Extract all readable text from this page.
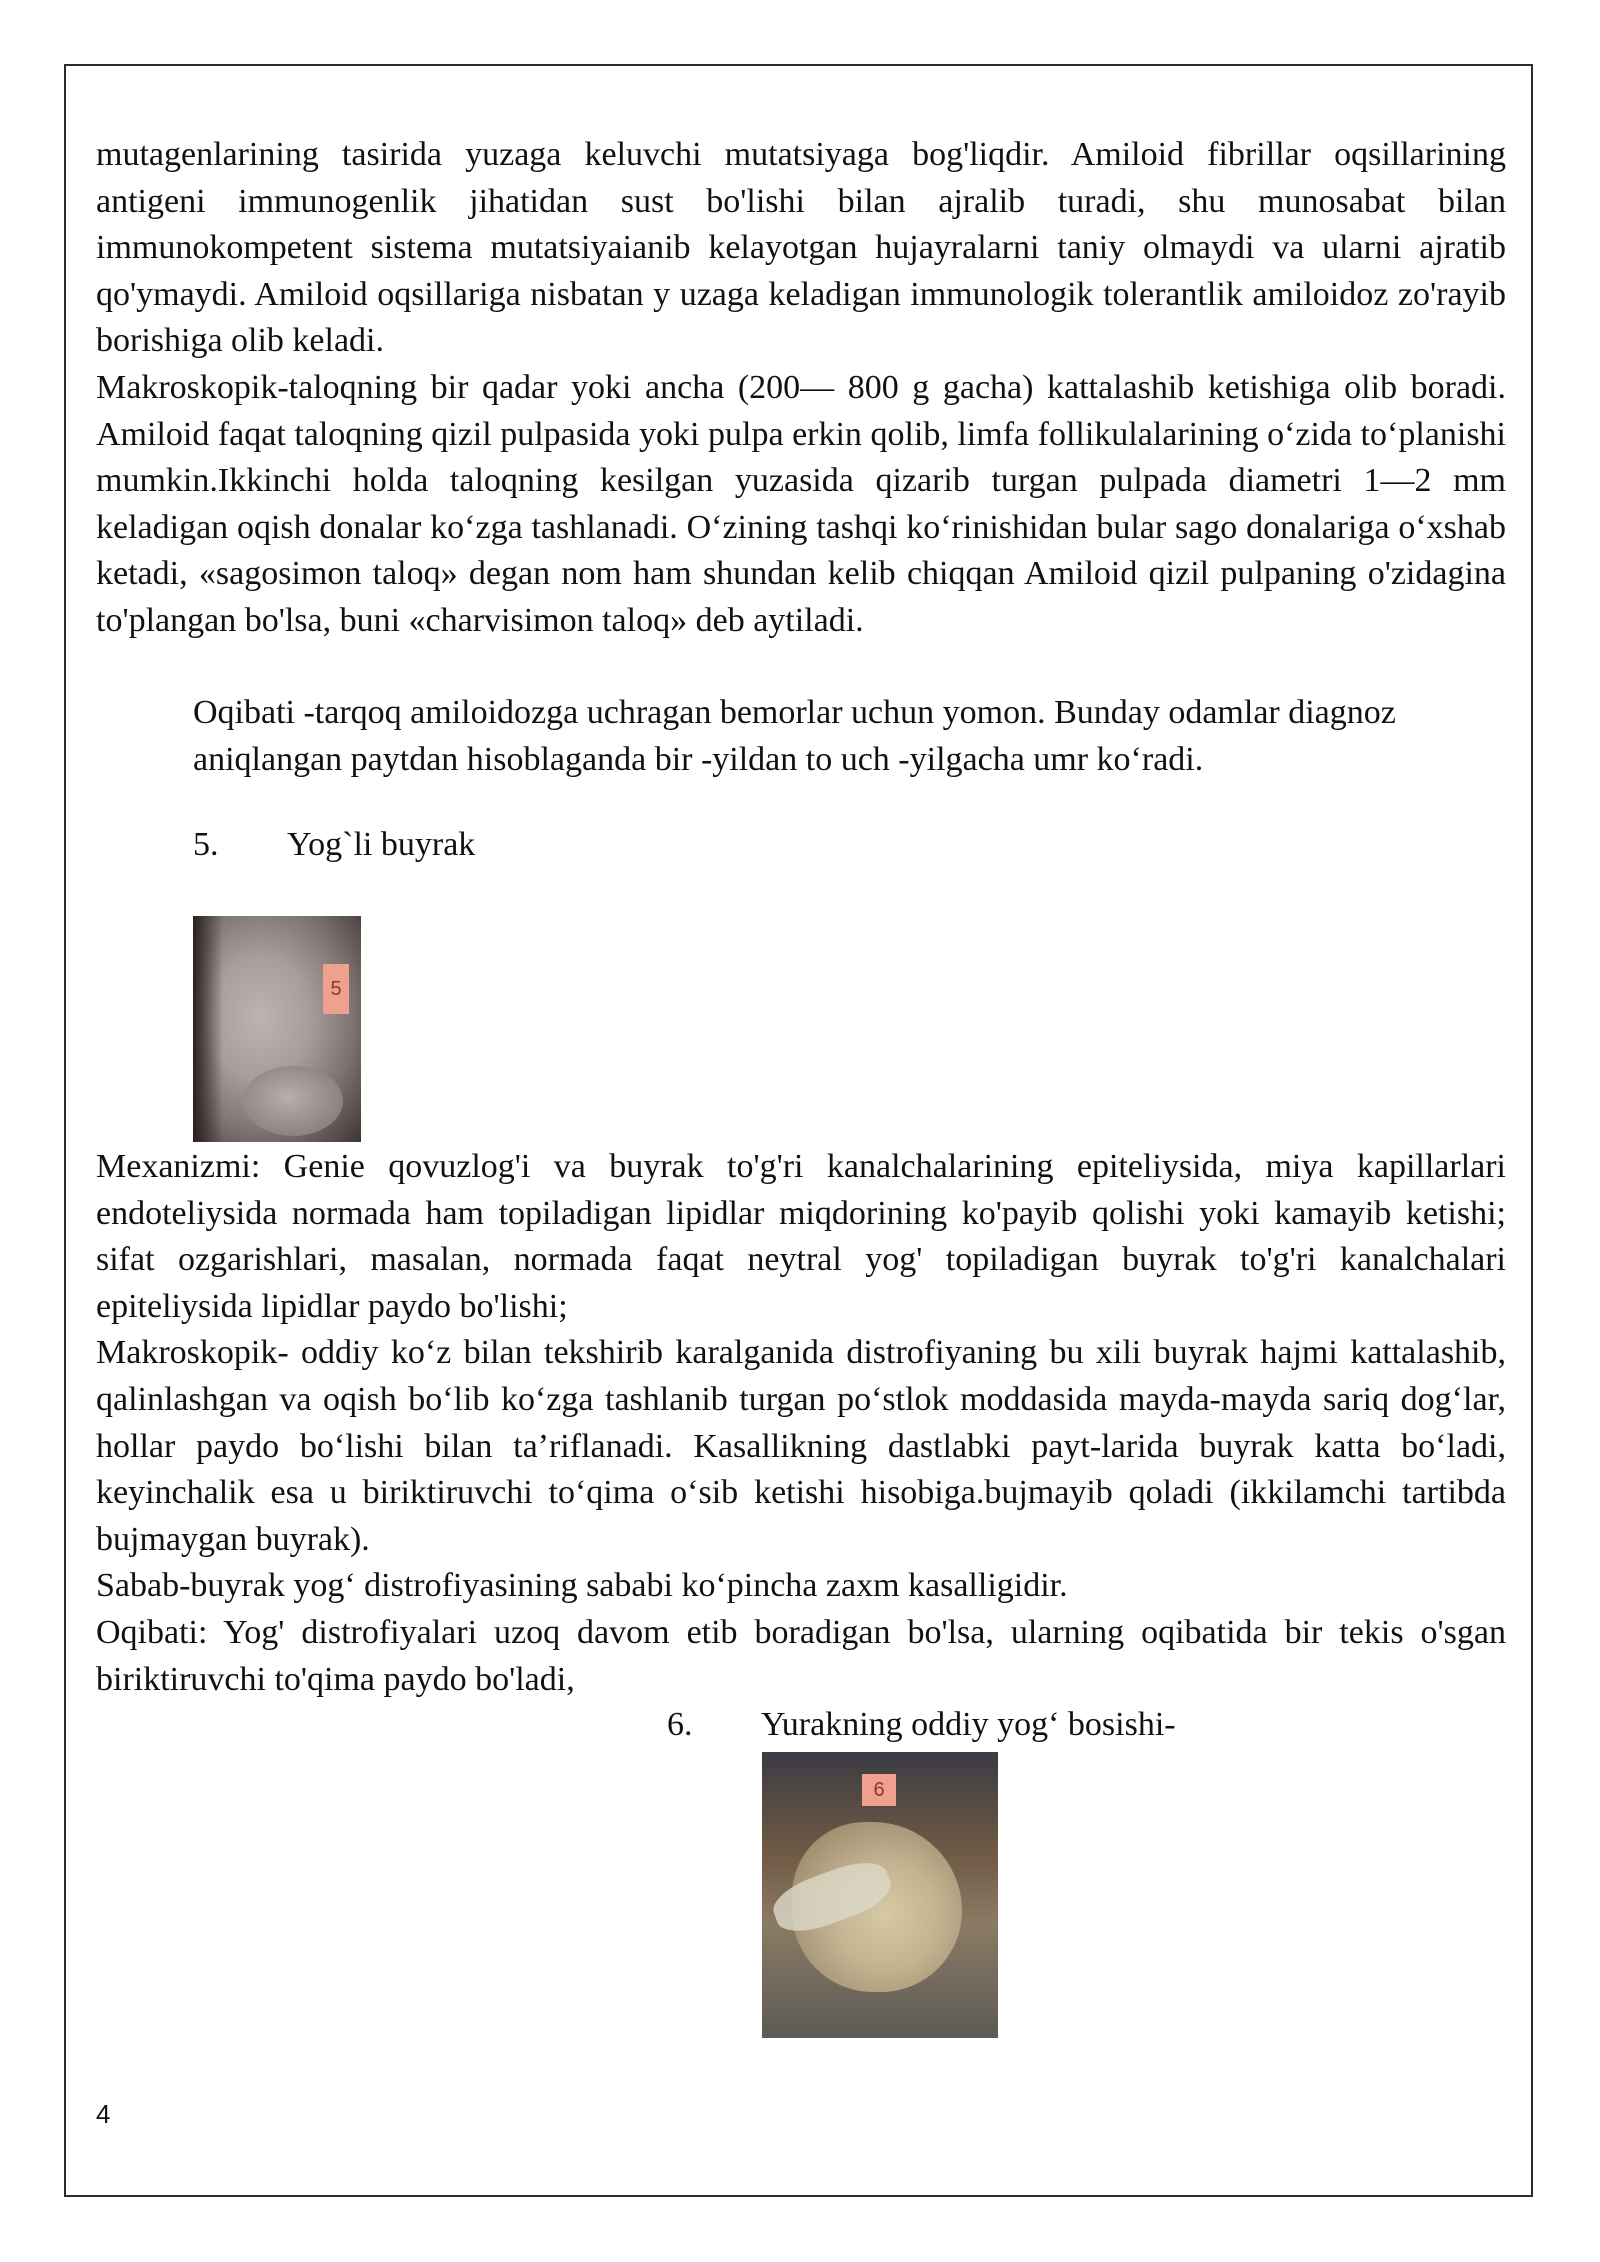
mutagenlarining tasirida yuzaga keluvchi mutatsiyaga bog'liqdir. Amiloid fibrillar oqsillarining antigeni immunogenlik jihatidan sust bo'lishi bilan ajralib turadi, shu munosabat bilan immunokompetent sistema mutatsiyaianib kelayotgan hujayralarni taniy olmaydi va ularni ajratib qo'ymaydi. Amiloid oqsillariga nisbatan y uzaga keladigan immunologik tolerantlik amiloidoz zo'rayib borishiga olib keladi.

Makroskopik-taloqning bir qadar yoki ancha (200— 800 g gacha) kattalashib ketishiga olib boradi. Amiloid faqat taloqning qizil pulpasida yoki pulpa erkin qolib, limfa follikulalarining oʻzida toʻplanishi mumkin.Ikkinchi holda taloqning kesilgan yuzasida qizarib turgan pulpada diametri 1—2 mm keladigan oqish donalar koʻzga tashlanadi. Oʻzining tashqi koʻrinishidan bular sago donalariga oʻxshab ketadi, «sagosimon taloq» degan nom ham shundan kelib chiqqan Amiloid qizil pulpaning o'zidagina to'plangan bo'lsa, buni «charvisimon taloq» deb aytiladi.

Oqibati -tarqoq amiloidozga uchragan bemorlar uchun yomon. Bunday odamlar diagnoz aniqlangan paytdan hisoblaganda bir -yildan to uch -yilgacha umr koʻradi.

5. Yog`li buyrak
5

Mexanizmi: Genie qovuzlog'i va buyrak to'g'ri kanalchalarining epiteliysida, miya kapillarlari endoteliysida normada ham topiladigan lipidlar miqdorining ko'payib qolishi yoki kamayib ketishi; sifat ozgarishlari, masalan, normada faqat neytral yog' topiladigan buyrak to'g'ri kanalchalari epiteliysida lipidlar paydo bo'lishi;

Makroskopik- oddiy koʻz bilan tekshirib karalganida distrofiyaning bu xili buyrak hajmi kattalashib, qalinlashgan va oqish boʻlib koʻzga tashlanib turgan poʻstlok moddasida mayda-mayda sariq dogʻlar, hollar paydo boʻlishi bilan ta’riflanadi. Kasallikning dastlabki payt-larida buyrak katta boʻladi, keyinchalik esa u biriktiruvchi toʻqima oʻsib ketishi hisobiga.bujmayib qoladi (ikkilamchi tartibda bujmaygan buyrak).

Sabab-buyrak yogʻ distrofiyasining sababi koʻpincha zaxm kasalligidir.

Oqibati: Yog' distrofiyalari uzoq davom etib boradigan bo'lsa, ularning oqibatida bir tekis o'sgan biriktiruvchi to'qima paydo bo'ladi,

6. Yurakning oddiy yogʻ bosishi-
6
4
